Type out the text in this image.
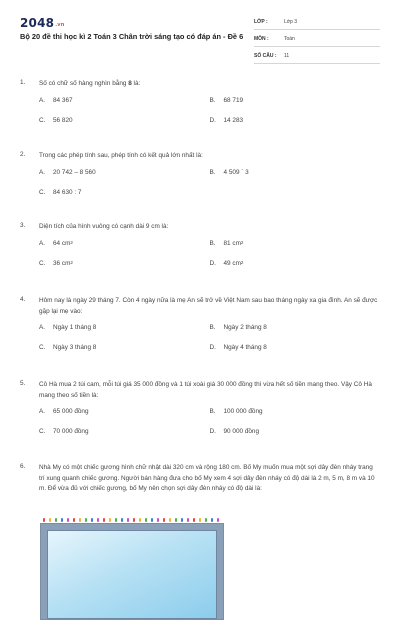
2048.vn
Bộ 20 đề thi học kì 2 Toán 3 Chân trời sáng tạo có đáp án - Đề 6
LỚP :	Lớp 3
MÔN :	Toán
SỐ CÂU :	11
1.	Số có chữ số hàng nghìn bằng 8 là:
A.	84 367	B.	68 719
C.	56 820	D.	14 283
2.	Trong các phép tính sau, phép tính có kết quả lớn nhất là:
A.	20 742 – 8 560	B.	4 509 ´ 3
C.	84 630 : 7
3.	Diện tích của hình vuông có cạnh dài 9 cm là:
A.	64 cm 2	B.	81 cm 2
C.	36 cm 2	D.	49 cm 2
4.	Hôm nay là ngày 29 tháng 7. Còn 4 ngày nữa là mẹ An sẽ trở về Việt Nam sau bao tháng ngày xa gia đình. An sẽ được gặp lại mẹ vào:
A.	Ngày 1 tháng 8	B.	Ngày 2 tháng 8
C.	Ngày 3 tháng 8	D.	Ngày 4 tháng 8
5.	Cô Hà mua 2 túi cam, mỗi túi giá 35 000 đồng và 1 túi xoài giá 30 000 đồng thì vừa hết số tiền mang theo. Vậy Cô Hà mang theo số tiền là:
A.	65 000 đồng	B.	100 000 đồng
C.	70 000 đồng	D.	90 000 đồng
6.	Nhà My có một chiếc gương hình chữ nhật dài 320 cm và rộng 180 cm. Bố My muốn mua một sợi dây đèn nháy trang trí xung quanh chiếc gương. Người bán hàng đưa cho bố My xem 4 sợi dây đèn nháy có độ dài là 2 m, 5 m, 8 m và 10 m. Để vừa đủ với chiếc gương, bố My nên chọn sợi dây đèn nháy có độ dài là:
